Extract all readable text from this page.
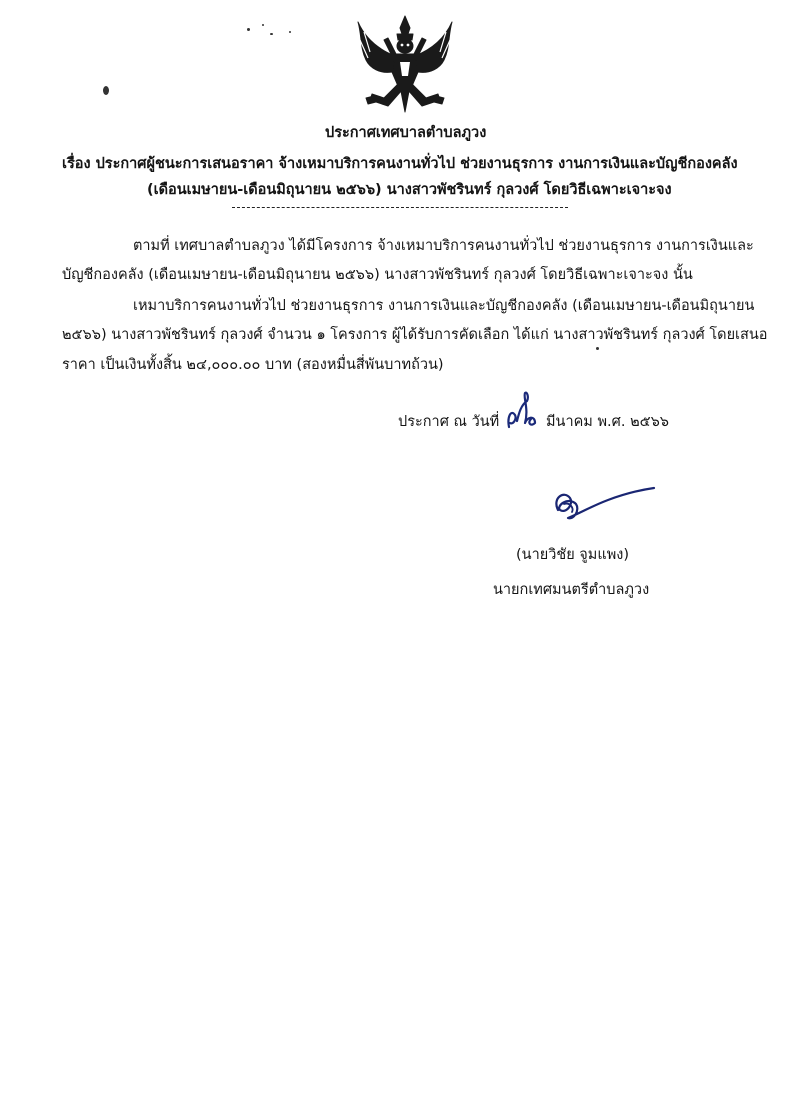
ประกาศเทศบาลตำบลภูวง
เรื่อง ประกาศผู้ชนะการเสนอราคา จ้างเหมาบริการคนงานทั่วไป ช่วยงานธุรการ งานการเงินและบัญชีกองคลัง
(เดือนเมษายน-เดือนมิถุนายน ๒๕๖๖) นางสาวพัชรินทร์ กุลวงศ์ โดยวิธีเฉพาะเจาะจง
ตามที่ เทศบาลตำบลภูวง ได้มีโครงการ จ้างเหมาบริการคนงานทั่วไป ช่วยงานธุรการ งานการเงินและ
บัญชีกองคลัง (เดือนเมษายน-เดือนมิถุนายน ๒๕๖๖) นางสาวพัชรินทร์ กุลวงศ์ โดยวิธีเฉพาะเจาะจง นั้น
เหมาบริการคนงานทั่วไป ช่วยงานธุรการ งานการเงินและบัญชีกองคลัง (เดือนเมษายน-เดือนมิถุนายน
๒๕๖๖) นางสาวพัชรินทร์ กุลวงศ์ จำนวน ๑ โครงการ ผู้ได้รับการคัดเลือก ได้แก่ นางสาวพัชรินทร์ กุลวงศ์ โดยเสนอ
ราคา เป็นเงินทั้งสิ้น ๒๔,๐๐๐.๐๐ บาท (สองหมื่นสี่พันบาทถ้วน)
ประกาศ ณ วันที่	มีนาคม พ.ศ. ๒๕๖๖
(นายวิชัย จูมแพง)
นายกเทศมนตรีตำบลภูวง
